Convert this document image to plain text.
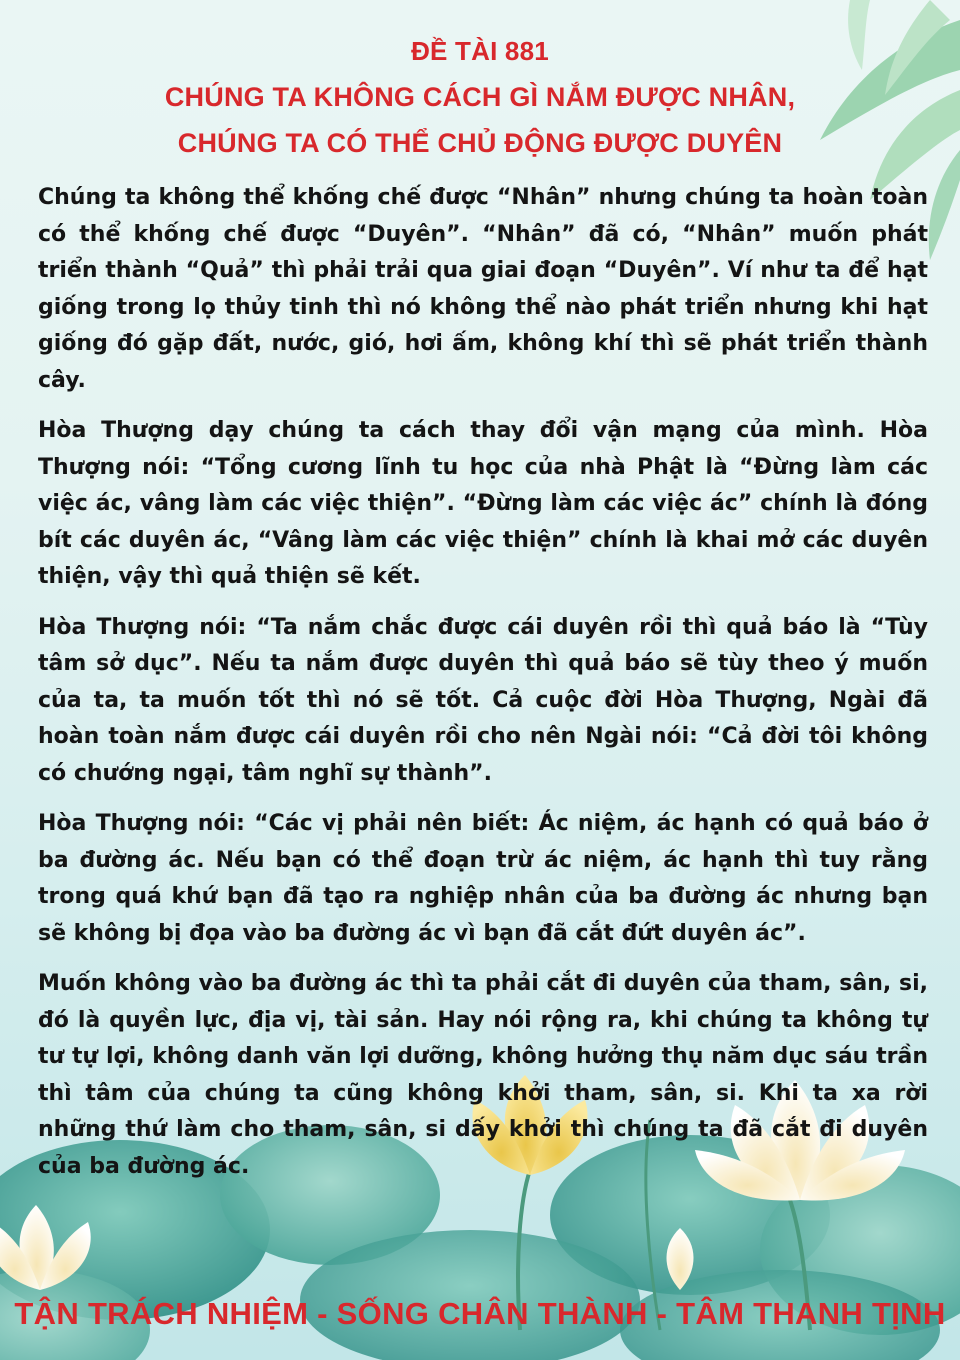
ĐỀ TÀI 881
CHÚNG TA KHÔNG CÁCH GÌ NẮM ĐƯỢC NHÂN,
CHÚNG TA CÓ THỂ CHỦ ĐỘNG ĐƯỢC DUYÊN

Chúng ta không thể khống chế được “Nhân” nhưng chúng ta hoàn toàn có thể khống chế được “Duyên”. “Nhân” đã có, “Nhân” muốn phát triển thành “Quả” thì phải trải qua giai đoạn “Duyên”. Ví như ta để hạt giống trong lọ thủy tinh thì nó không thể nào phát triển nhưng khi hạt giống đó gặp đất, nước, gió, hơi ấm, không khí thì sẽ phát triển thành cây.

Hòa Thượng dạy chúng ta cách thay đổi vận mạng của mình. Hòa Thượng nói: “Tổng cương lĩnh tu học của nhà Phật là “Đừng làm các việc ác, vâng làm các việc thiện”. “Đừng làm các việc ác” chính là đóng bít các duyên ác, “Vâng làm các việc thiện” chính là khai mở các duyên thiện, vậy thì quả thiện sẽ kết.

Hòa Thượng nói: “Ta nắm chắc được cái duyên rồi thì quả báo là “Tùy tâm sở dục”. Nếu ta nắm được duyên thì quả báo sẽ tùy theo ý muốn của ta, ta muốn tốt thì nó sẽ tốt. Cả cuộc đời Hòa Thượng, Ngài đã hoàn toàn nắm được cái duyên rồi cho nên Ngài nói: “Cả đời tôi không có chướng ngại, tâm nghĩ sự thành”.

Hòa Thượng nói: “Các vị phải nên biết: Ác niệm, ác hạnh có quả báo ở ba đường ác. Nếu bạn có thể đoạn trừ ác niệm, ác hạnh thì tuy rằng trong quá khứ bạn đã tạo ra nghiệp nhân của ba đường ác nhưng bạn sẽ không bị đọa vào ba đường ác vì bạn đã cắt đứt duyên ác”.

Muốn không vào ba đường ác thì ta phải cắt đi duyên của tham, sân, si, đó là quyền lực, địa vị, tài sản. Hay nói rộng ra, khi chúng ta không tự tư tự lợi, không danh văn lợi dưỡng, không hưởng thụ năm dục sáu trần thì tâm của chúng ta cũng không khởi tham, sân, si. Khi ta xa rời những thứ làm cho tham, sân, si dấy khởi thì chúng ta đã cắt đi duyên của ba đường ác.

TẬN TRÁCH NHIỆM - SỐNG CHÂN THÀNH - TÂM THANH TỊNH
